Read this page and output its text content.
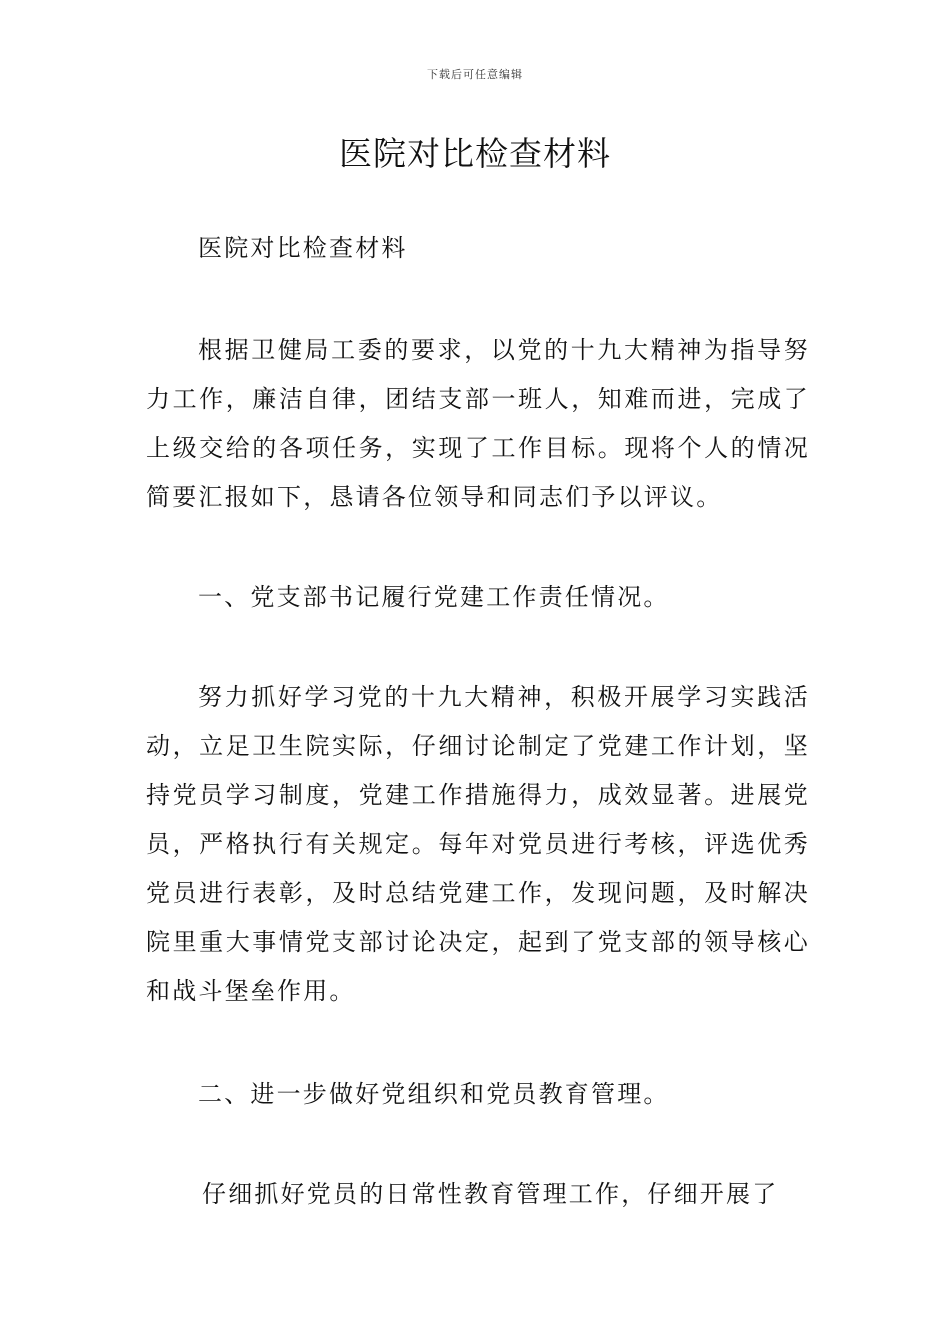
下载后可任意编辑
医院对比检查材料

医院对比检查材料

根据卫健局工委的要求，以党的十九大精神为指导努力工作，廉洁自律，团结支部一班人，知难而进，完成了上级交给的各项任务，实现了工作目标。现将个人的情况简要汇报如下，恳请各位领导和同志们予以评议。

一、党支部书记履行党建工作责任情况。

努力抓好学习党的十九大精神，积极开展学习实践活动，立足卫生院实际，仔细讨论制定了党建工作计划，坚持党员学习制度，党建工作措施得力，成效显著。进展党员，严格执行有关规定。每年对党员进行考核，评选优秀党员进行表彰，及时总结党建工作，发现问题，及时解决院里重大事情党支部讨论决定，起到了党支部的领导核心和战斗堡垒作用。

二、进一步做好党组织和党员教育管理。

仔细抓好党员的日常性教育管理工作，仔细开展了
